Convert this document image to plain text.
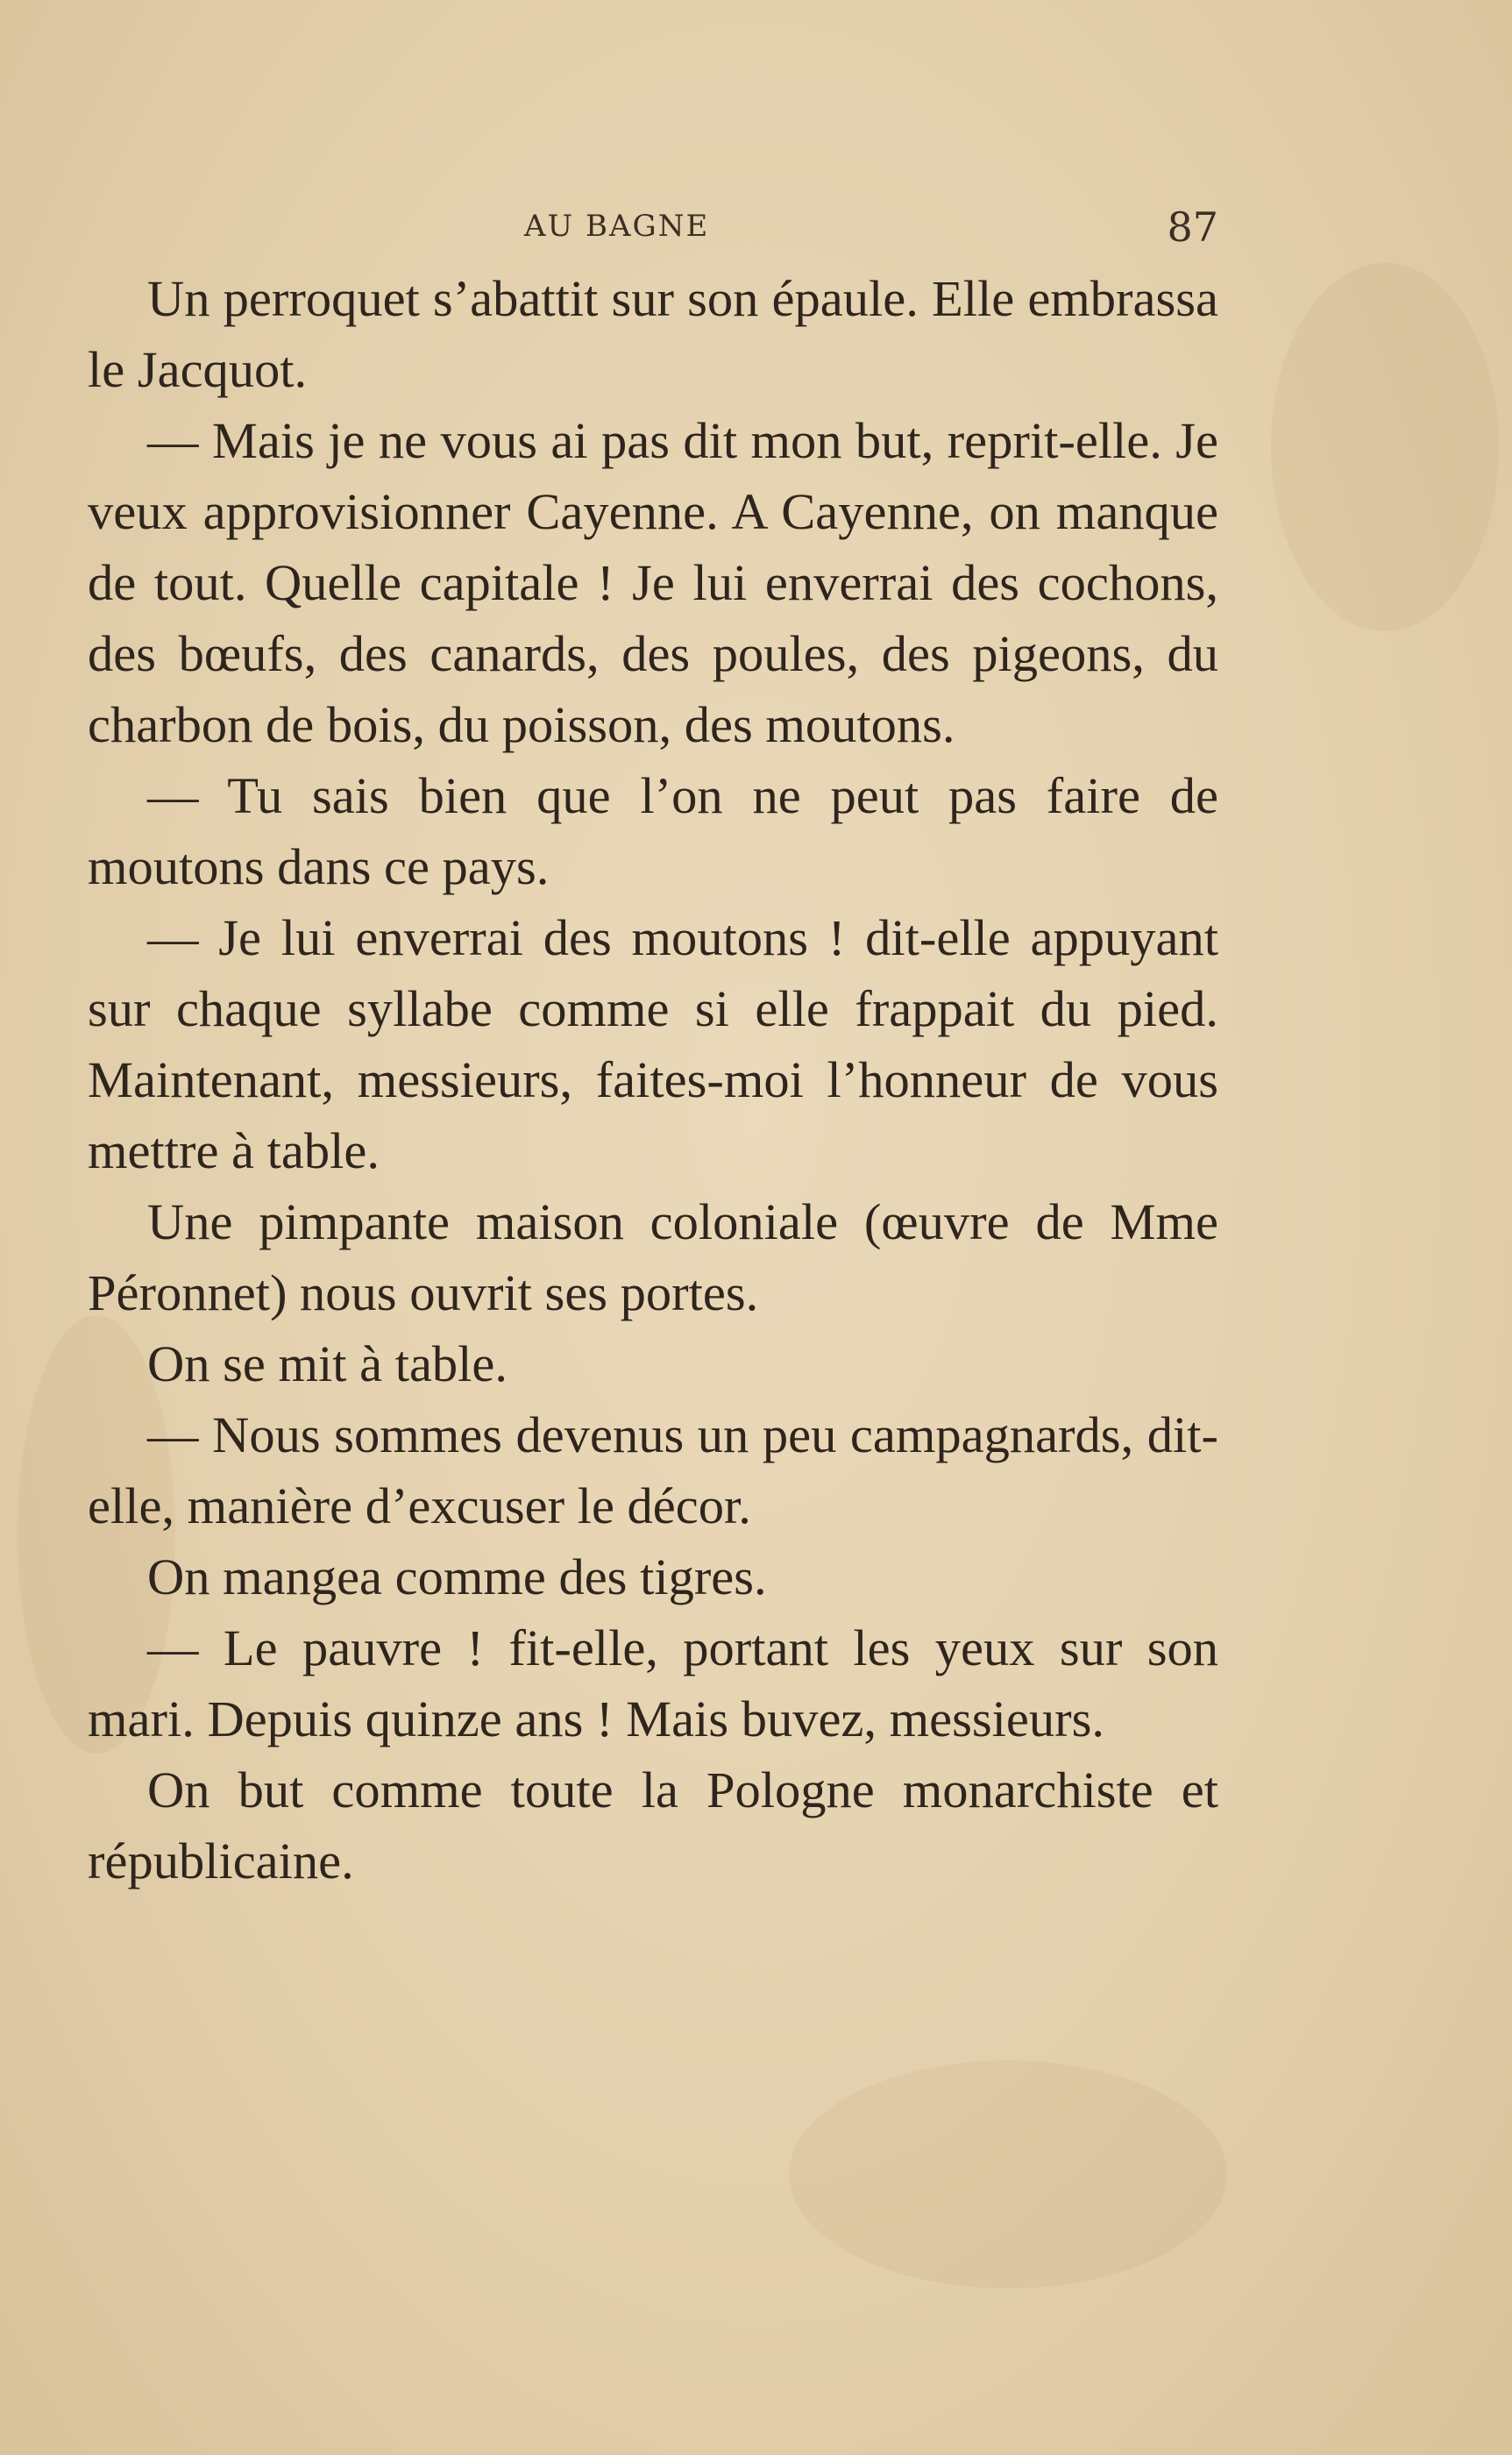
AU BAGNE	87

Un perroquet s’abattit sur son épaule. Elle embrassa le Jacquot.

— Mais je ne vous ai pas dit mon but, reprit-elle. Je veux approvisionner Cayenne. A Cayenne, on manque de tout. Quelle capitale ! Je lui enverrai des cochons, des bœufs, des canards, des poules, des pigeons, du charbon de bois, du poisson, des moutons.

— Tu sais bien que l’on ne peut pas faire de moutons dans ce pays.

— Je lui enverrai des moutons ! dit-elle appuyant sur chaque syllabe comme si elle frappait du pied. Maintenant, messieurs, faites-moi l’honneur de vous mettre à table.

Une pimpante maison coloniale (œuvre de Mme Péronnet) nous ouvrit ses portes.

On se mit à table.

— Nous sommes devenus un peu campagnards, dit-elle, manière d’excuser le décor.

On mangea comme des tigres.

— Le pauvre ! fit-elle, portant les yeux sur son mari. Depuis quinze ans ! Mais buvez, messieurs.

On but comme toute la Pologne monarchiste et républicaine.
